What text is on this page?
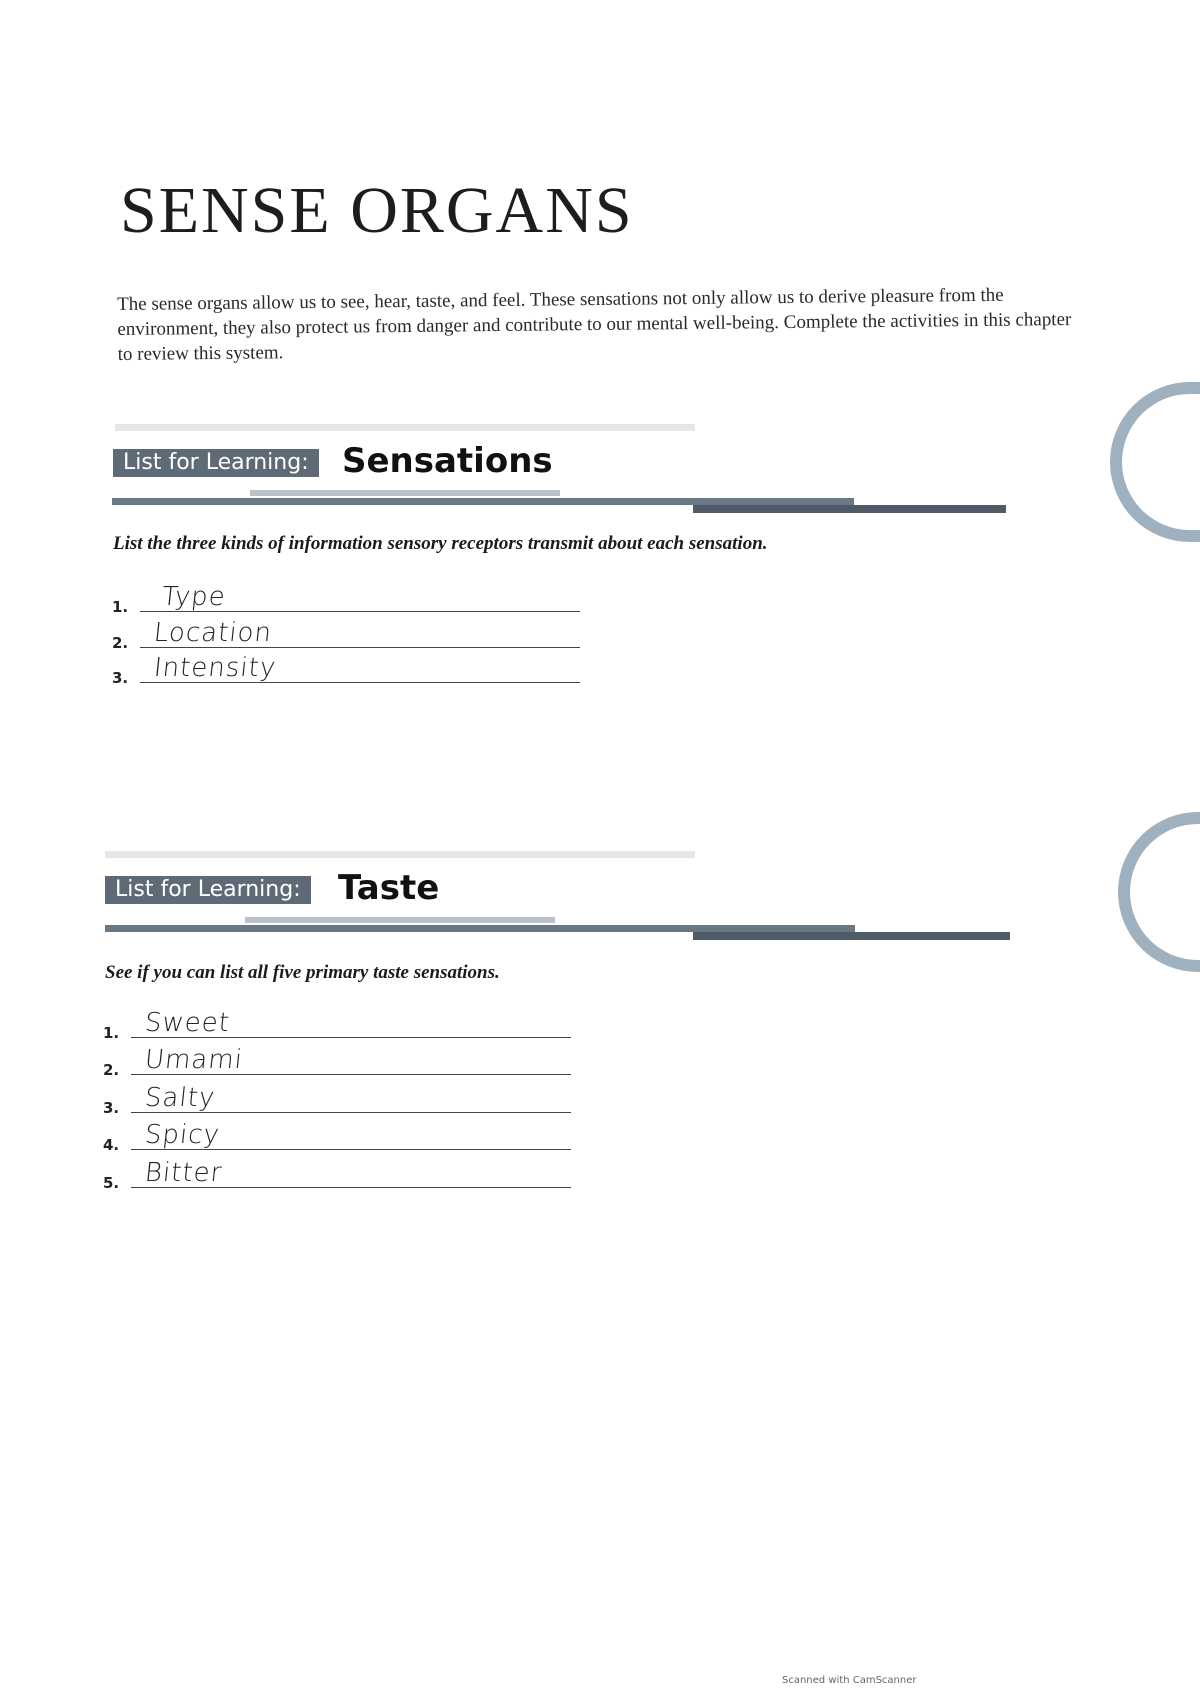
SENSE ORGANS

The sense organs allow us to see, hear, taste, and feel. These sensations not only allow us to derive pleasure from the environment, they also protect us from danger and contribute to our mental well-being. Complete the activities in this chapter to review this system.

List for Learning: Sensations
List the three kinds of information sensory receptors transmit about each sensation.
1. Type
2. Location
3. Intensity
List for Learning: Taste
See if you can list all five primary taste sensations.
1. Sweet
2. Umami
3. Salty
4. Spicy
5. Bitter
Scanned with CamScanner
